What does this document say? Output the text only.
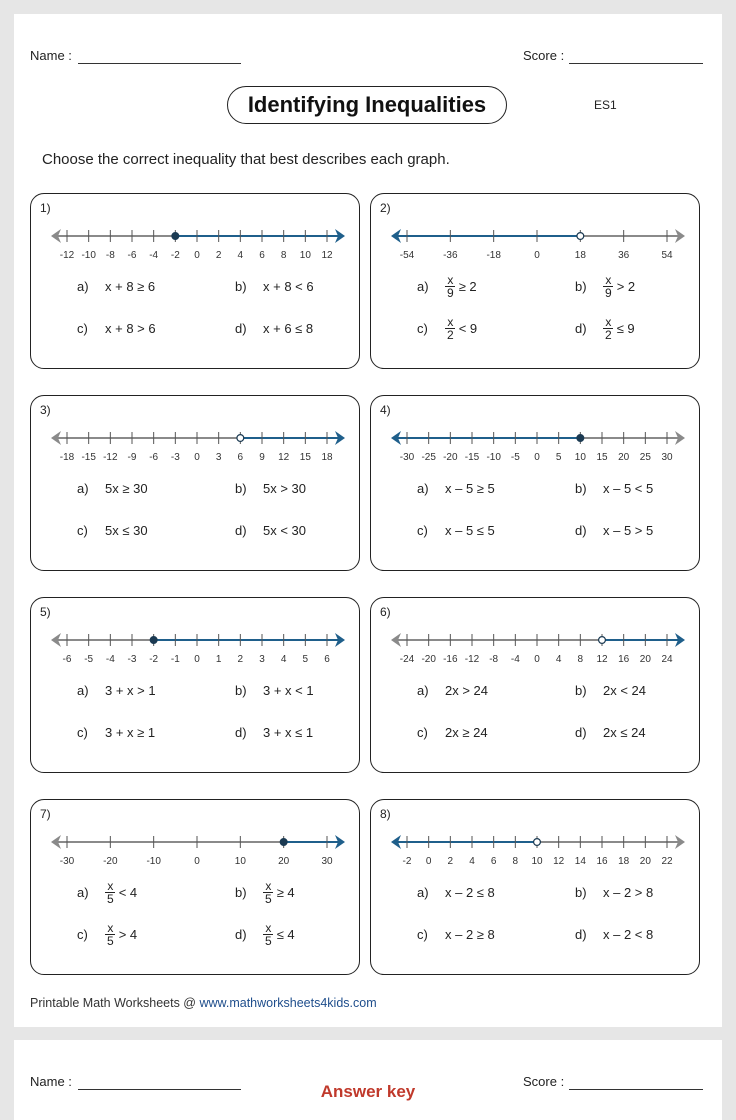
Name :	Score :
Identifying Inequalities	ES1
Choose the correct inequality that best describes each graph.
1)
-12 -10 -8 -6 -4 -2 0 2 4 6 8 10 12
a)	x + 8 ≥ 6	b)	x + 8 < 6
c)	x + 8 > 6	d)	x + 6 ≤ 8
2)
-54	-36	-18	0	18	36	54
a)	$\frac{x}{9} \ge 2$	b)	$\frac{x}{9} > 2$
c)	$\frac{x}{2} < 9$	d)	$\frac{x}{2} \le 9$
3)
-18 -15 -12 -9 -6 -3 0 3 6 9 12 15 18
a)	5x ≥ 30	b)	5x > 30
c)	5x ≤ 30	d)	5x < 30
4)
-30 -25 -20 -15 -10 -5 0 5 10 15 20 25 30
a)	x – 5 ≥ 5	b)	x – 5 < 5
c)	x – 5 ≤ 5	d)	x – 5 > 5
5)
-6 -5 -4 -3 -2 -1 0 1 2 3 4 5 6
a)	3 + x > 1	b)	3 + x < 1
c)	3 + x ≥ 1	d)	3 + x ≤ 1
6)
-24 -20 -16 -12 -8 -4 0 4 8 12 16 20 24
a)	2x > 24	b)	2x < 24
c)	2x ≥ 24	d)	2x ≤ 24
7)
-30	-20	-10	0	10	20	30
a)	$\frac{x}{5} < 4$	b)	$\frac{x}{5} \ge 4$
c)	$\frac{x}{5} > 4$	d)	$\frac{x}{5} \le 4$
8)
-2 0 2 4 6 8 10 12 14 16 18 20 22
a)	x – 2 ≤ 8	b)	x – 2 > 8
c)	x – 2 ≥ 8	d)	x – 2 < 8
Printable Math Worksheets @ www.mathworksheets4kids.com
Name :	Score :
Answer key
